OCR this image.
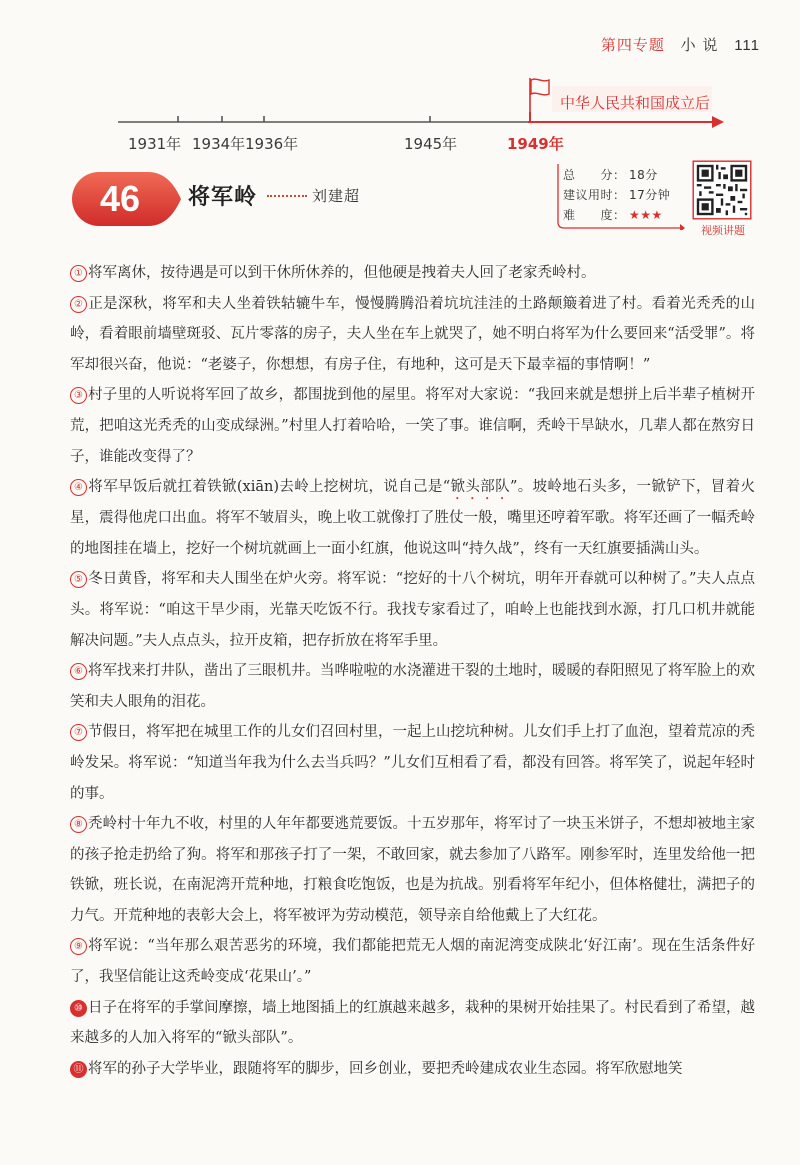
第四专题 小 说 111
中华人民共和国成立后
1931年 1934年 1936年	1945年	1949年
46	将军岭	刘建超
总　　分： 18分
建议用时： 17分钟
难　　度： ★★★
视频讲题

① 将军离休，按待遇是可以到干休所休养的，但他硬是拽着夫人回了老家秃岭村。

② 正是深秋，将军和夫人坐着铁轱辘牛车，慢慢腾腾沿着坑坑洼洼的土路颠簸着进了村。看着光秃秃的山岭，看着眼前墙壁斑驳、瓦片零落的房子，夫人坐在车上就哭了，她不明白将军为什么要回来“活受罪”。将军却很兴奋，他说：“老婆子，你想想，有房子住，有地种，这可是天下最幸福的事情啊！”

③ 村子里的人听说将军回了故乡，都围拢到他的屋里。将军对大家说：“我回来就是想拼上后半辈子植树开荒，把咱这光秃秃的山变成绿洲。”村里人打着哈哈，一笑了事。谁信啊，秃岭干旱缺水，几辈人都在熬穷日子，谁能改变得了？

④ 将军早饭后就扛着铁锨(xiān)去岭上挖树坑，说自己是“锨头部队”。坡岭地石头多，一锨铲下，冒着火星，震得他虎口出血。将军不皱眉头，晚上收工就像打了胜仗一般，嘴里还哼着军歌。将军还画了一幅秃岭的地图挂在墙上，挖好一个树坑就画上一面小红旗，他说这叫“持久战”，终有一天红旗要插满山头。

⑤ 冬日黄昏，将军和夫人围坐在炉火旁。将军说：“挖好的十八个树坑，明年开春就可以种树了。”夫人点点头。将军说：“咱这干旱少雨，光靠天吃饭不行。我找专家看过了，咱岭上也能找到水源，打几口机井就能解决问题。”夫人点点头，拉开皮箱，把存折放在将军手里。

⑥ 将军找来打井队，凿出了三眼机井。当哗啦啦的水浇灌进干裂的土地时，暖暖的春阳照见了将军脸上的欢笑和夫人眼角的泪花。

⑦ 节假日，将军把在城里工作的儿女们召回村里，一起上山挖坑种树。儿女们手上打了血泡，望着荒凉的秃岭发呆。将军说：“知道当年我为什么去当兵吗？”儿女们互相看了看，都没有回答。将军笑了，说起年轻时的事。

⑧ 秃岭村十年九不收，村里的人年年都要逃荒要饭。十五岁那年，将军讨了一块玉米饼子，不想却被地主家的孩子抢走扔给了狗。将军和那孩子打了一架，不敢回家，就去参加了八路军。刚参军时，连里发给他一把铁锨，班长说，在南泥湾开荒种地，打粮食吃饱饭，也是为抗战。别看将军年纪小，但体格健壮，满把子的力气。开荒种地的表彰大会上，将军被评为劳动模范，领导亲自给他戴上了大红花。

⑨ 将军说：“当年那么艰苦恶劣的环境，我们都能把荒无人烟的南泥湾变成陕北‘好江南’。现在生活条件好了，我坚信能让这秃岭变成‘花果山’。”

⑩ 日子在将军的手掌间摩擦，墙上地图插上的红旗越来越多，栽种的果树开始挂果了。村民看到了希望，越来越多的人加入将军的“锨头部队”。

⑪ 将军的孙子大学毕业，跟随将军的脚步，回乡创业，要把秃岭建成农业生态园。将军欣慰地笑
